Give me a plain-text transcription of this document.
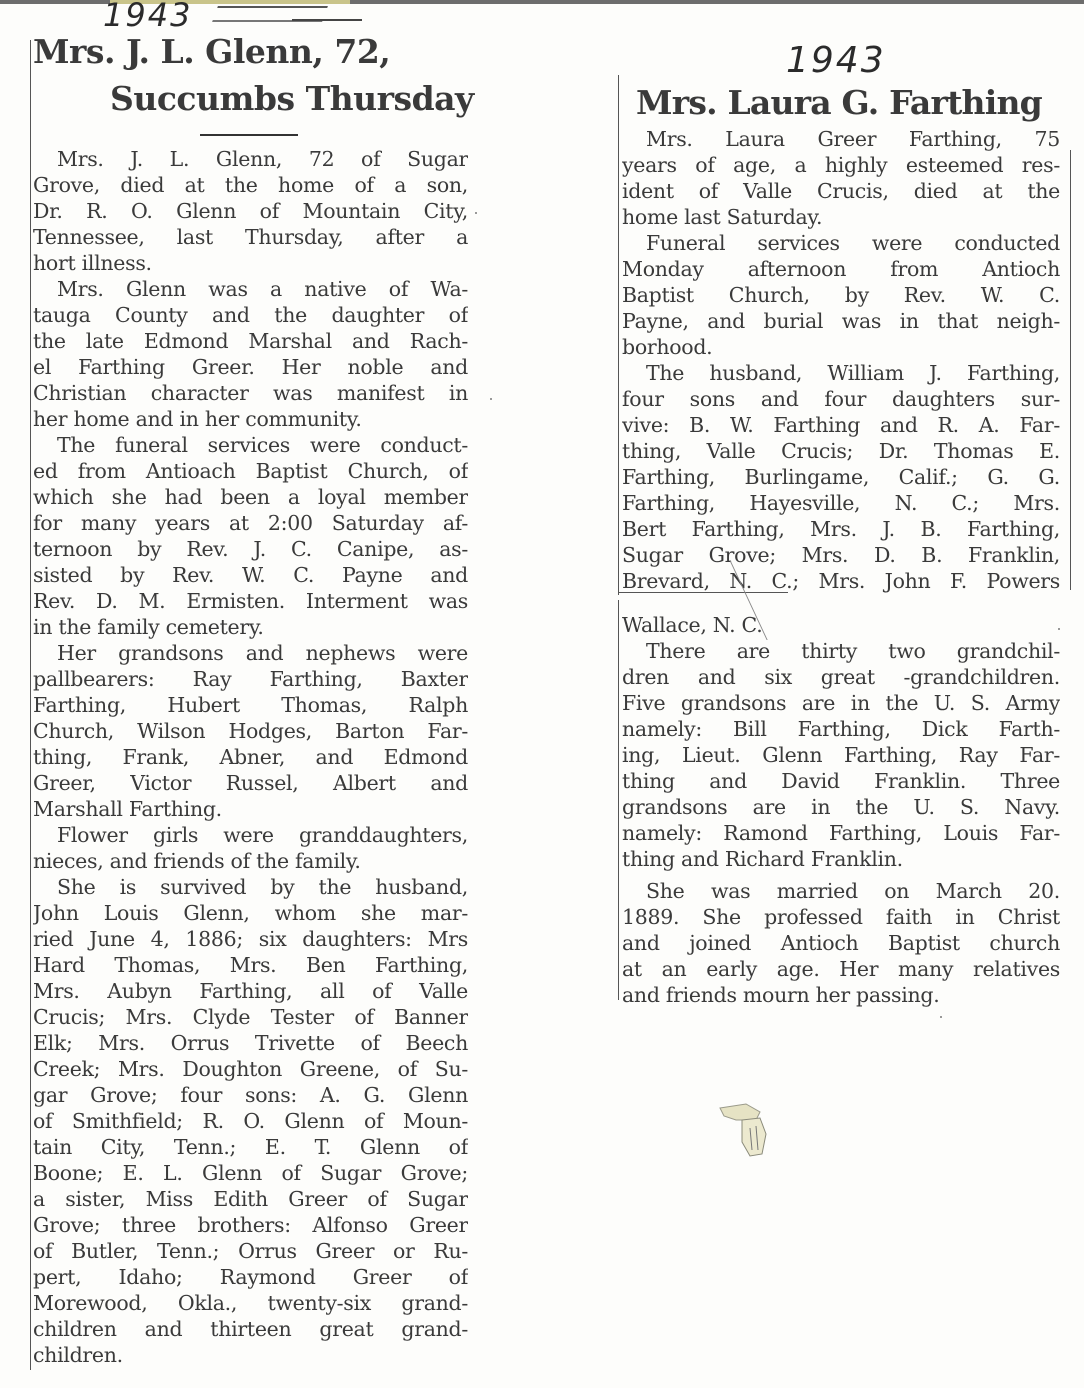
1943
1943
Mrs. J. L. Glenn, 72,
Succumbs Thursday
Mrs. J. L. Glenn, 72 of Sugar
Grove, died at the home of a son,
Dr. R. O. Glenn of Mountain City,
Tennessee, last Thursday, after a
hort illness.
Mrs. Glenn was a native of Wa-
tauga County and the daughter of
the late Edmond Marshal and Rach-
el Farthing Greer. Her noble and
Christian character was manifest in
her home and in her community.
The funeral services were conduct-
ed from Antioach Baptist Church, of
which she had been a loyal member
for many years at 2:00 Saturday af-
ternoon by Rev. J. C. Canipe, as-
sisted by Rev. W. C. Payne and
Rev. D. M. Ermisten. Interment was
in the family cemetery.
Her grandsons and nephews were
pallbearers: Ray Farthing, Baxter
Farthing, Hubert Thomas, Ralph
Church, Wilson Hodges, Barton Far-
thing, Frank, Abner, and Edmond
Greer, Victor Russel, Albert and
Marshall Farthing.
Flower girls were granddaughters,
nieces, and friends of the family.
She is survived by the husband,
John Louis Glenn, whom she mar-
ried June 4, 1886; six daughters: Mrs
Hard Thomas, Mrs. Ben Farthing,
Mrs. Aubyn Farthing, all of Valle
Crucis; Mrs. Clyde Tester of Banner
Elk; Mrs. Orrus Trivette of Beech
Creek; Mrs. Doughton Greene, of Su-
gar Grove; four sons: A. G. Glenn
of Smithfield; R. O. Glenn of Moun-
tain City, Tenn.; E. T. Glenn of
Boone; E. L. Glenn of Sugar Grove;
a sister, Miss Edith Greer of Sugar
Grove; three brothers: Alfonso Greer
of Butler, Tenn.; Orrus Greer or Ru-
pert, Idaho; Raymond Greer of
Morewood, Okla., twenty-six grand-
children and thirteen great grand-
children.
Mrs. Laura G. Farthing
Mrs. Laura Greer Farthing, 75
years of age, a highly esteemed res-
ident of Valle Crucis, died at the
home last Saturday.
Funeral services were conducted
Monday afternoon from Antioch
Baptist Church, by Rev. W. C.
Payne, and burial was in that neigh-
borhood.
The husband, William J. Farthing,
four sons and four daughters sur-
vive: B. W. Farthing and R. A. Far-
thing, Valle Crucis; Dr. Thomas E.
Farthing, Burlingame, Calif.; G. G.
Farthing, Hayesville, N. C.; Mrs.
Bert Farthing, Mrs. J. B. Farthing,
Sugar Grove; Mrs. D. B. Franklin,
Brevard, N. C.; Mrs. John F. Powers
Wallace, N. C.
There are thirty two grandchil-
dren and six great -grandchildren.
Five grandsons are in the U. S. Army
namely: Bill Farthing, Dick Farth-
ing, Lieut. Glenn Farthing, Ray Far-
thing and David Franklin. Three
grandsons are in the U. S. Navy.
namely: Ramond Farthing, Louis Far-
thing and Richard Franklin.
She was married on March 20.
1889. She professed faith in Christ
and joined Antioch Baptist church
at an early age. Her many relatives
and friends mourn her passing.
